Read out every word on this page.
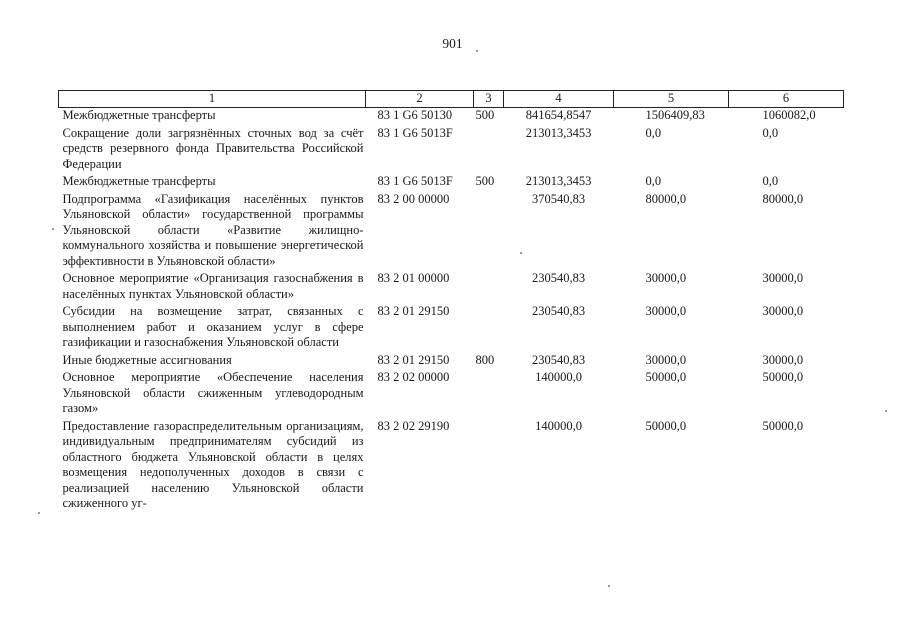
901
1	2	3	4	5	6
Межбюджетные трансферты	83 1 G6 50130	500	841654,8547	1506409,83	1060082,0
Сокращение доли загрязнённых сточных вод за счёт средств резервного фонда Правительства Российской Федерации	83 1 G6 5013F		213013,3453	0,0	0,0
Межбюджетные трансферты	83 1 G6 5013F	500	213013,3453	0,0	0,0
Подпрограмма «Газификация населённых пунктов Ульяновской области» государственной программы Ульяновской области «Развитие жилищно-коммунального хозяйства и повышение энергетической эффективности в Ульяновской области»	83 2 00 00000		370540,83	80000,0	80000,0
Основное мероприятие «Организация газоснабжения в населённых пунктах Ульяновской области»	83 2 01 00000		230540,83	30000,0	30000,0
Субсидии на возмещение затрат, связанных с выполнением работ и оказанием услуг в сфере газификации и газоснабжения Ульяновской области	83 2 01 29150		230540,83	30000,0	30000,0
Иные бюджетные ассигнования	83 2 01 29150	800	230540,83	30000,0	30000,0
Основное мероприятие «Обеспечение населения Ульяновской области сжиженным углеводородным газом»	83 2 02 00000		140000,0	50000,0	50000,0
Предоставление газораспределительным организациям, индивидуальным предпринимателям субсидий из областного бюджета Ульяновской области в целях возмещения недополученных доходов в связи с реализацией населению Ульяновской области сжиженного уг-	83 2 02 29190		140000,0	50000,0	50000,0
